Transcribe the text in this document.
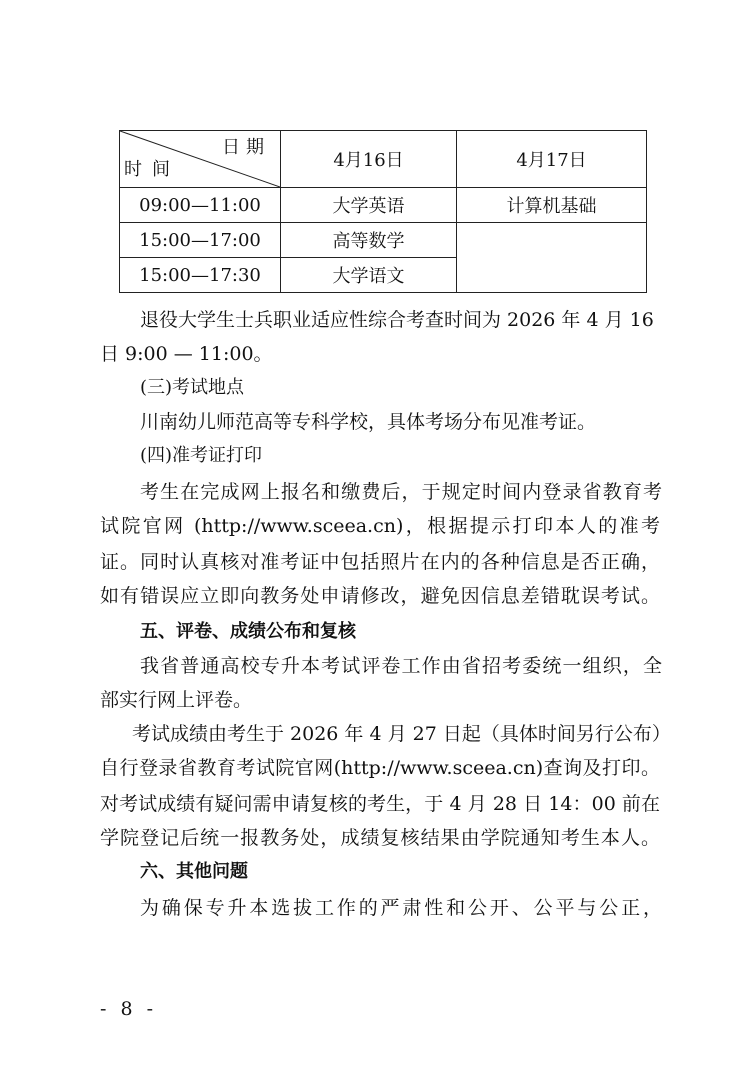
日期
时间	4月16日	4月17日
09:00—11:00	大学英语	计算机基础
15:00—17:00	高等数学	
15:00—17:30	大学语文	
退役大学生士兵职业适应性综合考查时间为 2026 年 4 月 16
日 9:00 — 11:00。
(三)考试地点
川南幼儿师范高等专科学校，具体考场分布见准考证。
(四)准考证打印
考生在完成网上报名和缴费后，于规定时间内登录省教育考
试院官网 (http://www.sceea.cn)，根据提示打印本人的准考
证。同时认真核对准考证中包括照片在内的各种信息是否正确，
如有错误应立即向教务处申请修改，避免因信息差错耽误考试。
五、评卷、成绩公布和复核
我省普通高校专升本考试评卷工作由省招考委统一组织，全
部实行网上评卷。
考试成绩由考生于 2026 年 4 月 27 日起（具体时间另行公布）
自行登录省教育考试院官网(http://www.sceea.cn)查询及打印。
对考试成绩有疑问需申请复核的考生，于 4 月 28 日 14：00 前在
学院登记后统一报教务处，成绩复核结果由学院通知考生本人。
六、其他问题
为确保专升本选拔工作的严肃性和公开、公平与公正，
- 8 -
